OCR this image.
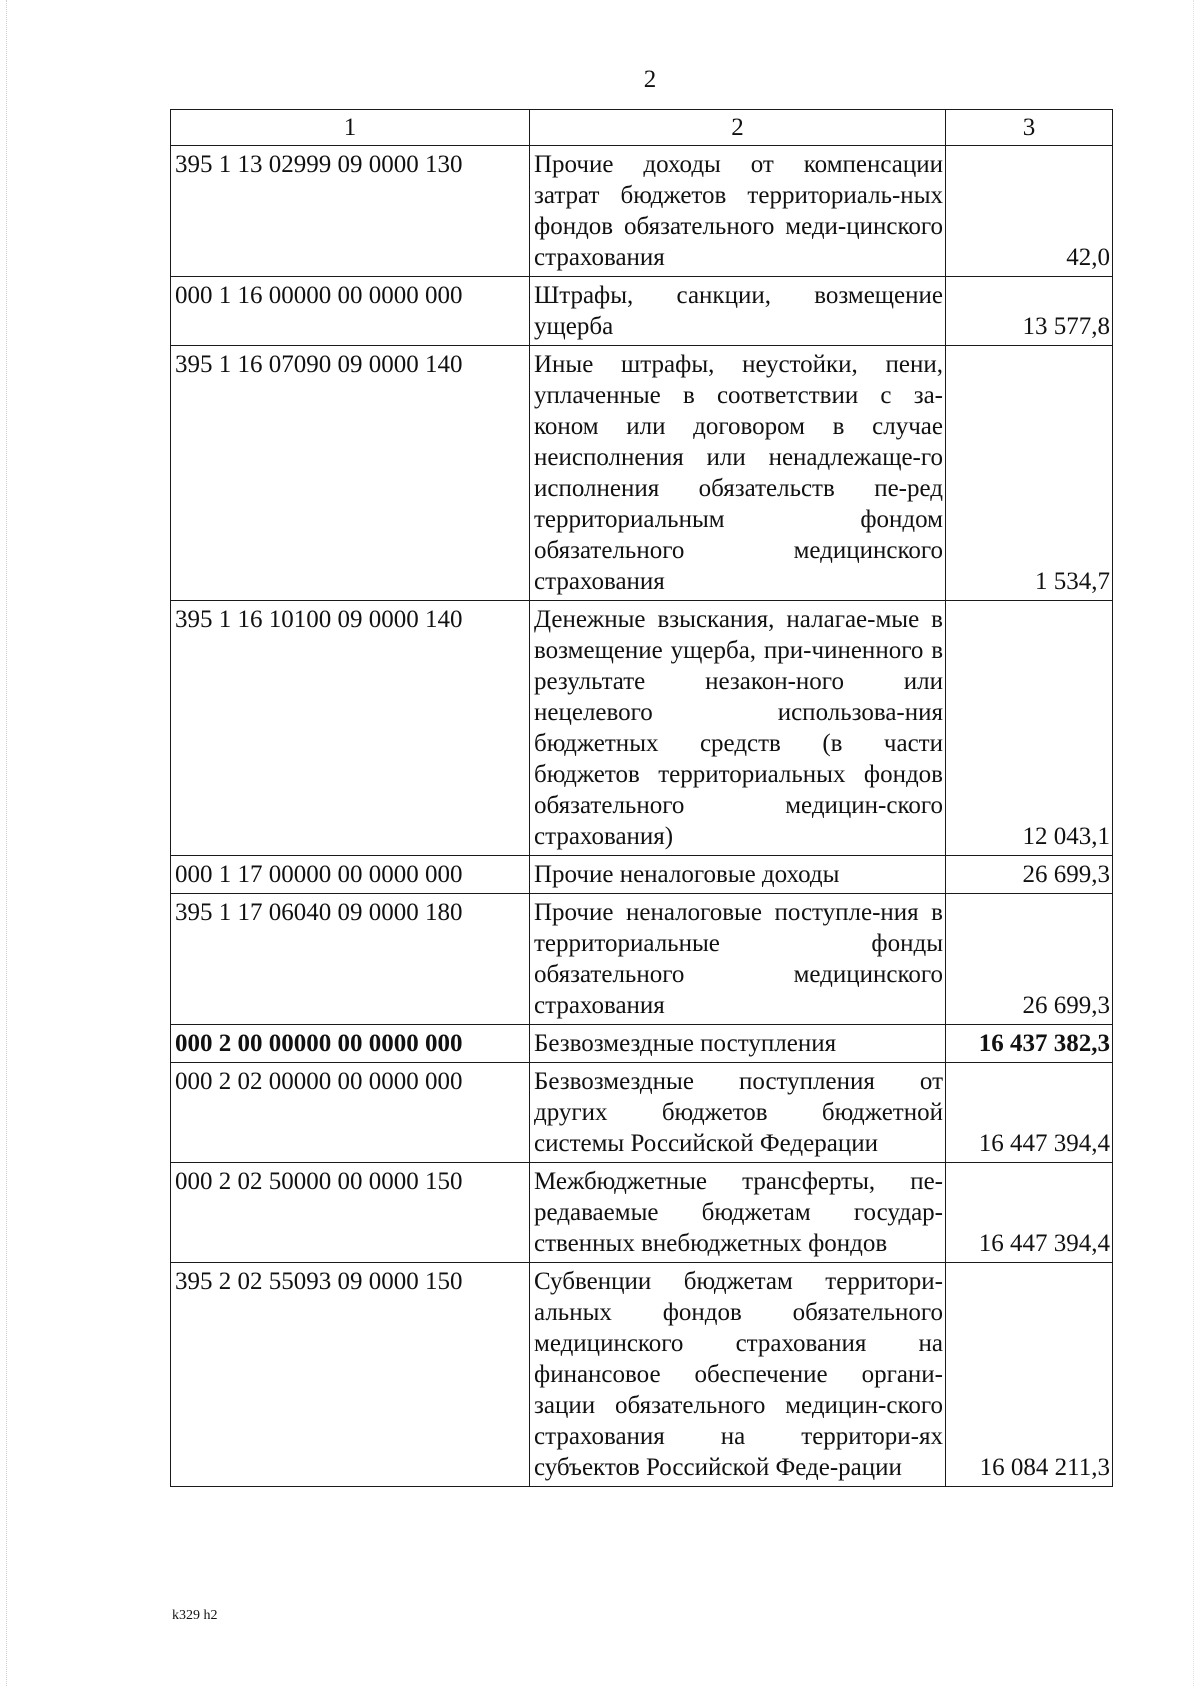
2
1	2	3
395 1 13 02999 09 0000 130	Прочие доходы от компенсации затрат бюджетов территориаль-ных фондов обязательного меди-цинского страхования	42,0
000 1 16 00000 00 0000 000	Штрафы, санкции, возмещение ущерба	13 577,8
395 1 16 07090 09 0000 140	Иные штрафы, неустойки, пени, уплаченные в соответствии с за-коном или договором в случае неисполнения или ненадлежаще-го исполнения обязательств пе-ред территориальным фондом обязательного медицинского страхования	1 534,7
395 1 16 10100 09 0000 140	Денежные взыскания, налагае-мые в возмещение ущерба, при-чиненного в результате незакон-ного или нецелевого использова-ния бюджетных средств (в части бюджетов территориальных фондов обязательного медицин-ского страхования)	12 043,1
000 1 17 00000 00 0000 000	Прочие неналоговые доходы	26 699,3
395 1 17 06040 09 0000 180	Прочие неналоговые поступле-ния в территориальные фонды обязательного медицинского страхования	26 699,3
000 2 00 00000 00 0000 000	Безвозмездные поступления	16 437 382,3
000 2 02 00000 00 0000 000	Безвозмездные поступления от других бюджетов бюджетной системы Российской Федерации	16 447 394,4
000 2 02 50000 00 0000 150	Межбюджетные трансферты, пе-редаваемые бюджетам государ-ственных внебюджетных фондов	16 447 394,4
395 2 02 55093 09 0000 150	Субвенции бюджетам территори-альных фондов обязательного медицинского страхования на финансовое обеспечение органи-зации обязательного медицин-ского страхования на территори-ях субъектов Российской Феде-рации	16 084 211,3
k329 h2
